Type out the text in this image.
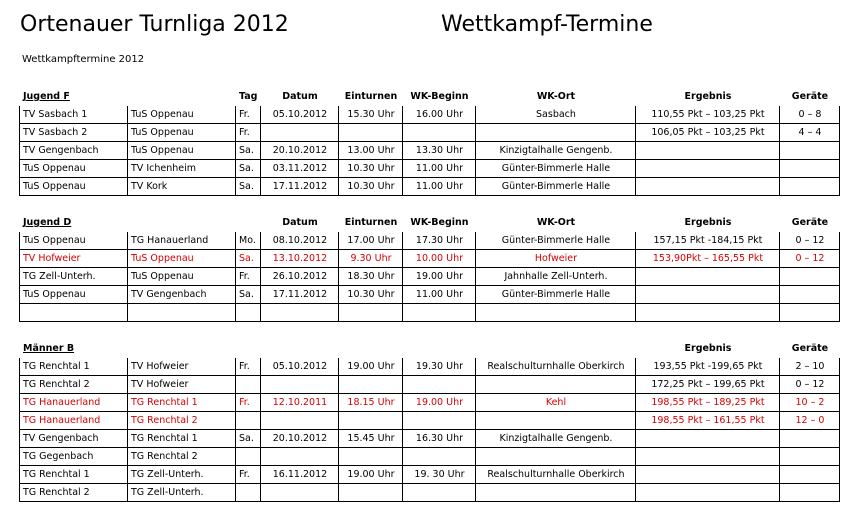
Ortenauer Turnliga 2012	Wettkampf-Termine
Wettkampftermine 2012
Jugend F		Tag	Datum	Einturnen	WK-Beginn	WK-Ort	Ergebnis	Geräte
TV Sasbach 1	TuS Oppenau	Fr.	05.10.2012	15.30 Uhr	16.00 Uhr	Sasbach	110,55 Pkt – 103,25 Pkt	0 – 8
TV Sasbach 2	TuS Oppenau	Fr.					106,05 Pkt – 103,25 Pkt	4 – 4
TV Gengenbach	TuS Oppenau	Sa.	20.10.2012	13.00 Uhr	13.30 Uhr	Kinzigtalhalle Gengenb.		
TuS Oppenau	TV Ichenheim	Sa.	03.11.2012	10.30 Uhr	11.00 Uhr	Günter-Bimmerle Halle		
TuS Oppenau	TV Kork	Sa.	17.11.2012	10.30 Uhr	11.00 Uhr	Günter-Bimmerle Halle		

Jugend D			Datum	Einturnen	WK-Beginn	WK-Ort	Ergebnis	Geräte
TuS Oppenau	TG Hanauerland	Mo.	08.10.2012	17.00 Uhr	17.30 Uhr	Günter-Bimmerle Halle	157,15 Pkt -184,15 Pkt	0 – 12
TV Hofweier	TuS Oppenau	Sa.	13.10.2012	9.30 Uhr	10.00 Uhr	Hofweier	153,90Pkt – 165,55 Pkt	0 – 12
TG Zell-Unterh.	TuS Oppenau	Fr.	26.10.2012	18.30 Uhr	19.00 Uhr	Jahnhalle Zell-Unterh.		
TuS Oppenau	TV Gengenbach	Sa.	17.11.2012	10.30 Uhr	11.00 Uhr	Günter-Bimmerle Halle		

Männer B							Ergebnis	Geräte
TG Renchtal 1	TV Hofweier	Fr.	05.10.2012	19.00 Uhr	19.30 Uhr	Realschulturnhalle Oberkirch	193,55 Pkt -199,65 Pkt	2 – 10
TG Renchtal 2	TV Hofweier						172,25 Pkt – 199,65 Pkt	0 – 12
TG Hanauerland	TG Renchtal 1	Fr.	12.10.2011	18.15 Uhr	19.00 Uhr	Kehl	198,55 Pkt – 189,25 Pkt	10 – 2
TG Hanauerland	TG Renchtal 2						198,55 Pkt – 161,55 Pkt	12 – 0
TV Gengenbach	TG Renchtal 1	Sa.	20.10.2012	15.45 Uhr	16.30 Uhr	Kinzigtalhalle Gengenb.		
TG Gegenbach	TG Renchtal 2							
TG Renchtal 1	TG Zell-Unterh.	Fr.	16.11.2012	19.00 Uhr	19. 30 Uhr	Realschulturnhalle Oberkirch		
TG Renchtal 2	TG Zell-Unterh.							
